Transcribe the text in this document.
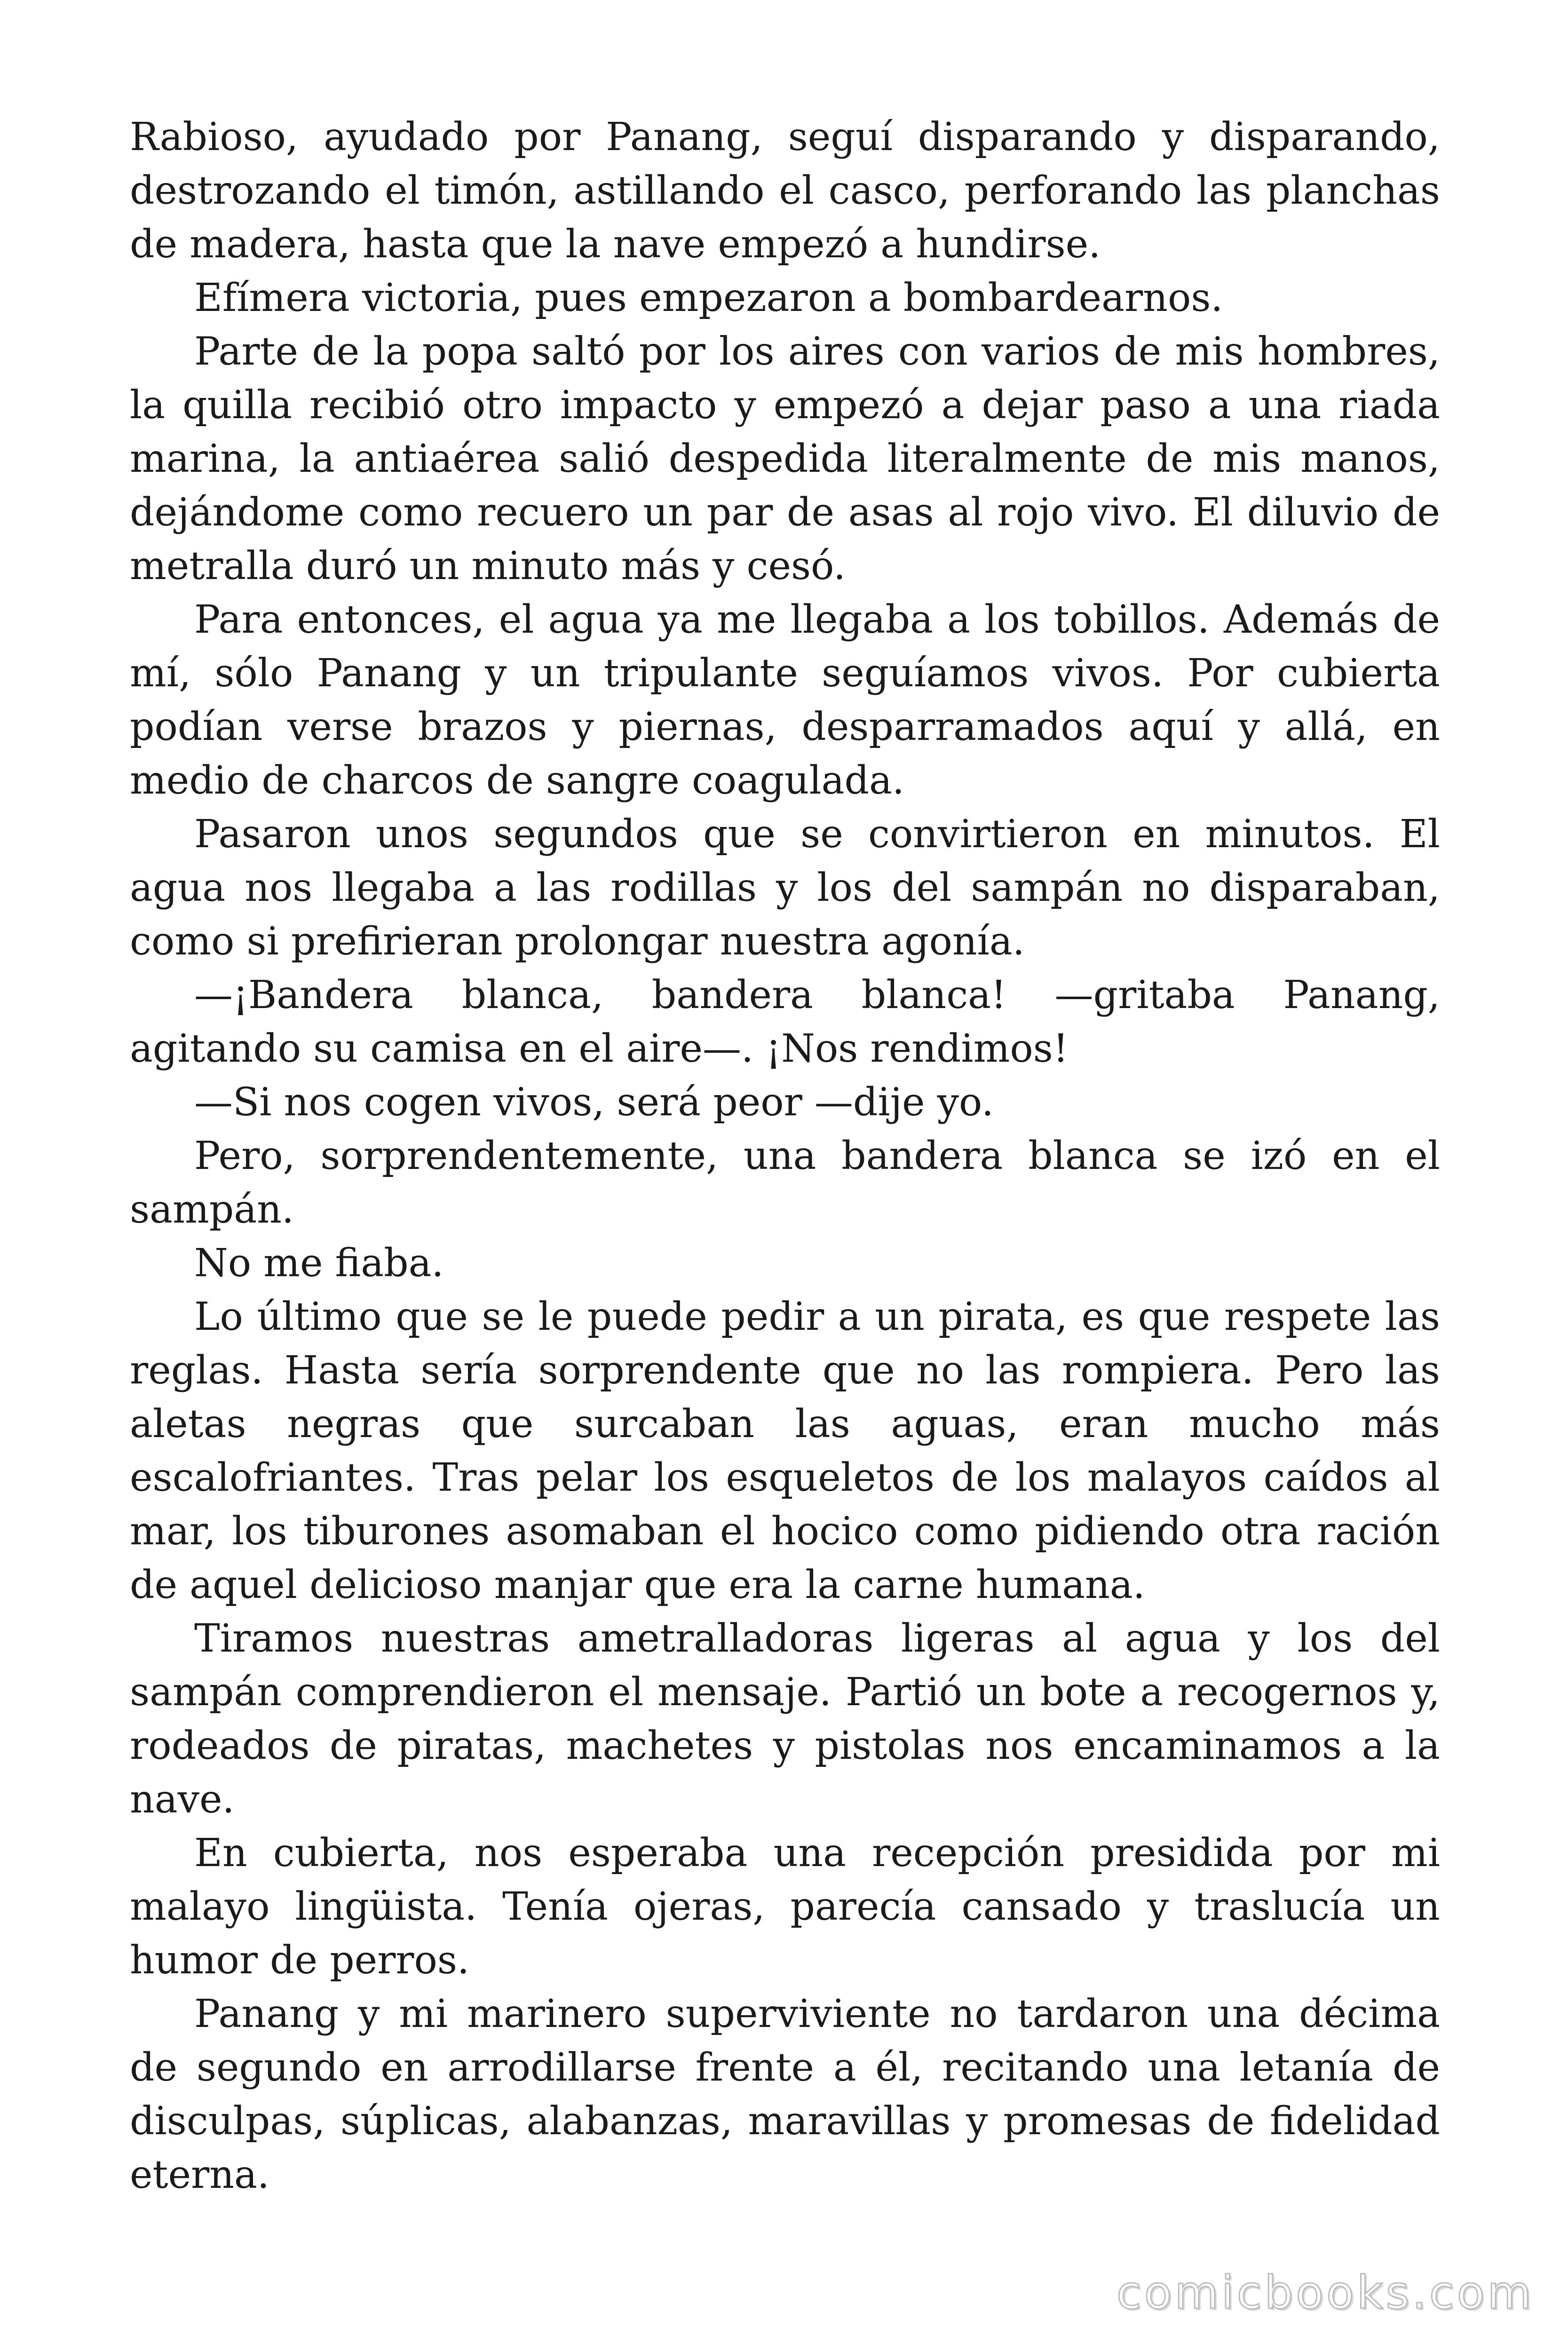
Rabioso, ayudado por Panang, seguí disparando y disparando, destrozando el timón, astillando el casco, perforando las planchas de madera, hasta que la nave empezó a hundirse.

Efímera victoria, pues empezaron a bombardearnos.

Parte de la popa saltó por los aires con varios de mis hombres, la quilla recibió otro impacto y empezó a dejar paso a una riada marina, la antiaérea salió despedida literalmente de mis manos, dejándome como recuero un par de asas al rojo vivo. El diluvio de metralla duró un minuto más y cesó.

Para entonces, el agua ya me llegaba a los tobillos. Además de mí, sólo Panang y un tripulante seguíamos vivos. Por cubierta podían verse brazos y piernas, desparramados aquí y allá, en medio de charcos de sangre coagulada.

Pasaron unos segundos que se convirtieron en minutos. El agua nos llegaba a las rodillas y los del sampán no disparaban, como si prefirieran prolongar nuestra agonía.

—¡Bandera blanca, bandera blanca! —gritaba Panang, agitando su camisa en el aire—. ¡Nos rendimos!

—Si nos cogen vivos, será peor —dije yo.

Pero, sorprendentemente, una bandera blanca se izó en el sampán.

No me fiaba.

Lo último que se le puede pedir a un pirata, es que respete las reglas. Hasta sería sorprendente que no las rompiera. Pero las aletas negras que surcaban las aguas, eran mucho más escalofriantes. Tras pelar los esqueletos de los malayos caídos al mar, los tiburones asomaban el hocico como pidiendo otra ración de aquel delicioso manjar que era la carne humana.

Tiramos nuestras ametralladoras ligeras al agua y los del sampán comprendieron el mensaje. Partió un bote a recogernos y, rodeados de piratas, machetes y pistolas nos encaminamos a la nave.

En cubierta, nos esperaba una recepción presidida por mi malayo lingüista. Tenía ojeras, parecía cansado y traslucía un humor de perros.

Panang y mi marinero superviviente no tardaron una décima de segundo en arrodillarse frente a él, recitando una letanía de disculpas, súplicas, alabanzas, maravillas y promesas de fidelidad eterna.

comicbooks.com
